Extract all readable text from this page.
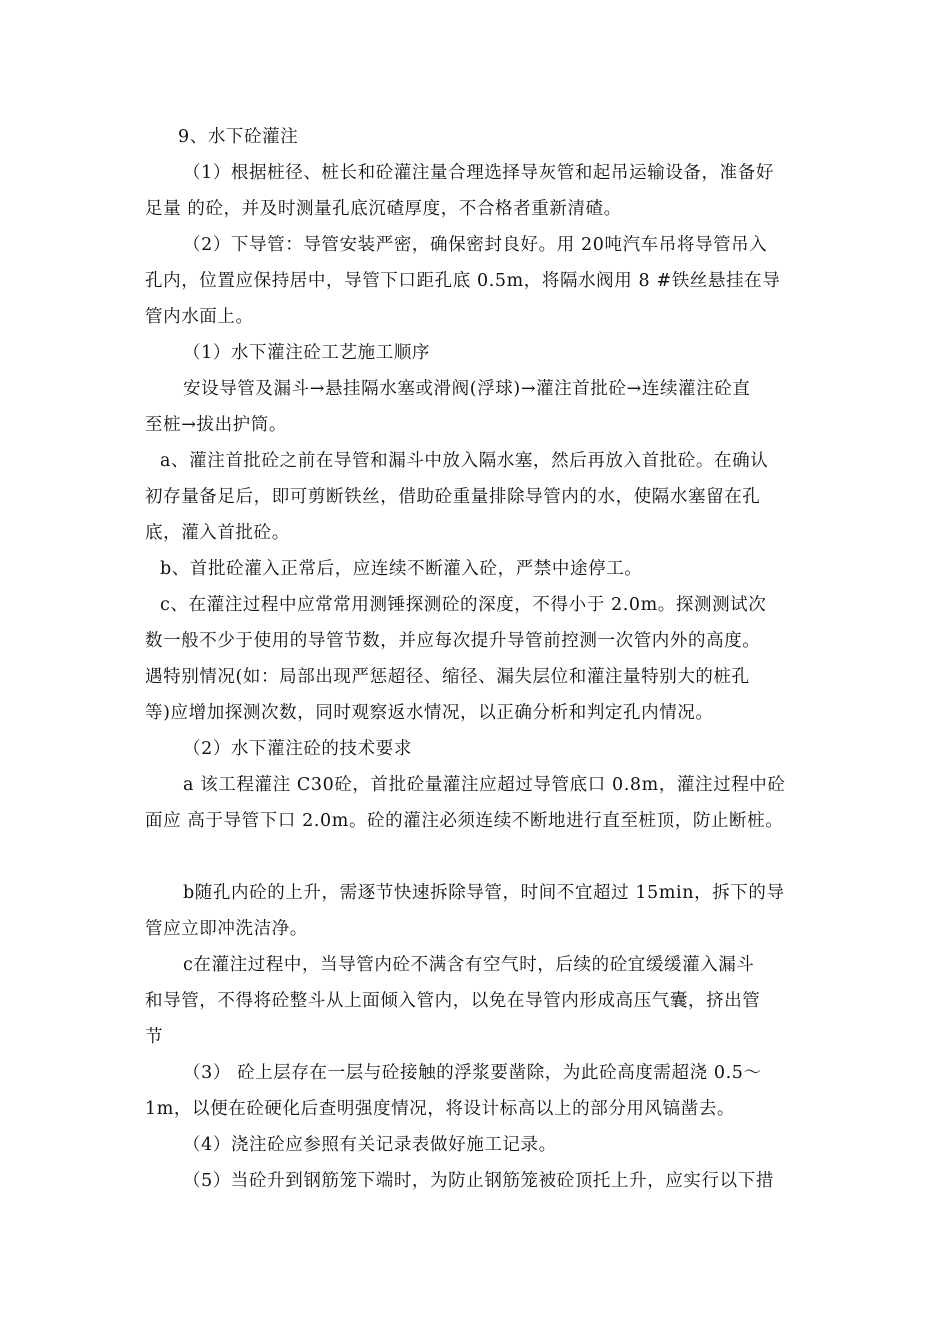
9、水下砼灌注
（1）根据桩径、桩长和砼灌注量合理选择导灰管和起吊运输设备，准备好
足量 的砼，并及时测量孔底沉碴厚度，不合格者重新清碴。
（2）下导管：导管安装严密，确保密封良好。用 20吨汽车吊将导管吊入
孔内，位置应保持居中，导管下口距孔底 0.5m，将隔水阀用 8 #铁丝悬挂在导
管内水面上。
（1）水下灌注砼工艺施工顺序
安设导管及漏斗→悬挂隔水塞或滑阀(浮球)→灌注首批砼→连续灌注砼直
至桩→拔出护筒。
a、灌注首批砼之前在导管和漏斗中放入隔水塞，然后再放入首批砼。在确认
初存量备足后，即可剪断铁丝，借助砼重量排除导管内的水，使隔水塞留在孔
底，灌入首批砼。
b、首批砼灌入正常后，应连续不断灌入砼，严禁中途停工。
c、在灌注过程中应常常用测锤探测砼的深度，不得小于 2.0m。探测测试次
数一般不少于使用的导管节数，并应每次提升导管前控测一次管内外的高度。
遇特别情况(如：局部出现严惩超径、缩径、漏失层位和灌注量特别大的桩孔
等)应增加探测次数，同时观察返水情况，以正确分析和判定孔内情况。
（2）水下灌注砼的技术要求
a 该工程灌注 C30砼，首批砼量灌注应超过导管底口 0.8m，灌注过程中砼
面应 高于导管下口 2.0m。砼的灌注必须连续不断地进行直至桩顶，防止断桩。
b随孔内砼的上升，需逐节快速拆除导管，时间不宜超过 15min，拆下的导
管应立即冲洗洁净。
c在灌注过程中，当导管内砼不满含有空气时，后续的砼宜缓缓灌入漏斗
和导管，不得将砼整斗从上面倾入管内，以免在导管内形成高压气囊，挤出管
节
（3） 砼上层存在一层与砼接触的浮浆要凿除，为此砼高度需超浇 0.5～
1m，以便在砼硬化后查明强度情况，将设计标高以上的部分用风镐凿去。
（4）浇注砼应参照有关记录表做好施工记录。
（5）当砼升到钢筋笼下端时，为防止钢筋笼被砼顶托上升，应实行以下措
